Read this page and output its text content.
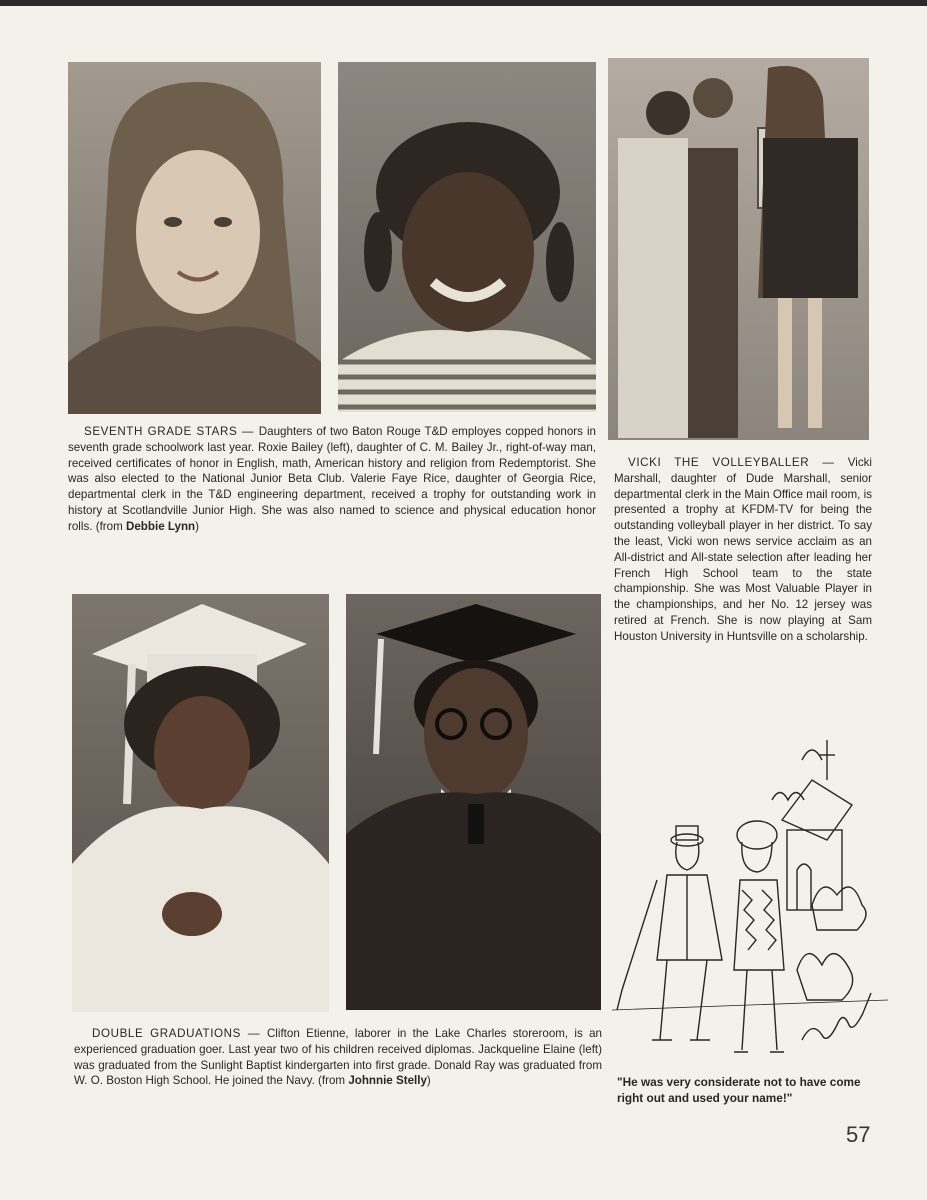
SEVENTH GRADE STARS — Daughters of two Baton Rouge T&D employes copped honors in seventh grade schoolwork last year. Roxie Bailey (left), daughter of C. M. Bailey Jr., right-of-way man, received certificates of honor in English, math, American history and religion from Redemptorist. She was also elected to the National Junior Beta Club. Valerie Faye Rice, daughter of Georgia Rice, departmental clerk in the T&D engineering department, received a trophy for outstanding work in history at Scotlandville Junior High. She was also named to science and physical education honor rolls. (from Debbie Lynn)
VICKI THE VOLLEYBALLER — Vicki Marshall, daughter of Dude Marshall, senior departmental clerk in the Main Office mail room, is presented a trophy at KFDM-TV for being the outstanding volleyball player in her district. To say the least, Vicki won news service acclaim as an All-district and All-state selection after leading her French High School team to the state championship. She was Most Valuable Player in the championships, and her No. 12 jersey was retired at French. She is now playing at Sam Houston University in Huntsville on a scholarship.
DOUBLE GRADUATIONS — Clifton Etienne, laborer in the Lake Charles storeroom, is an experienced graduation goer. Last year two of his children received diplomas. Jackqueline Elaine (left) was graduated from the Sunlight Baptist kindergarten into first grade. Donald Ray was graduated from W. O. Boston High School. He joined the Navy. (from Johnnie Stelly)	"He was very considerate not to have come right out and used your name!"
57
